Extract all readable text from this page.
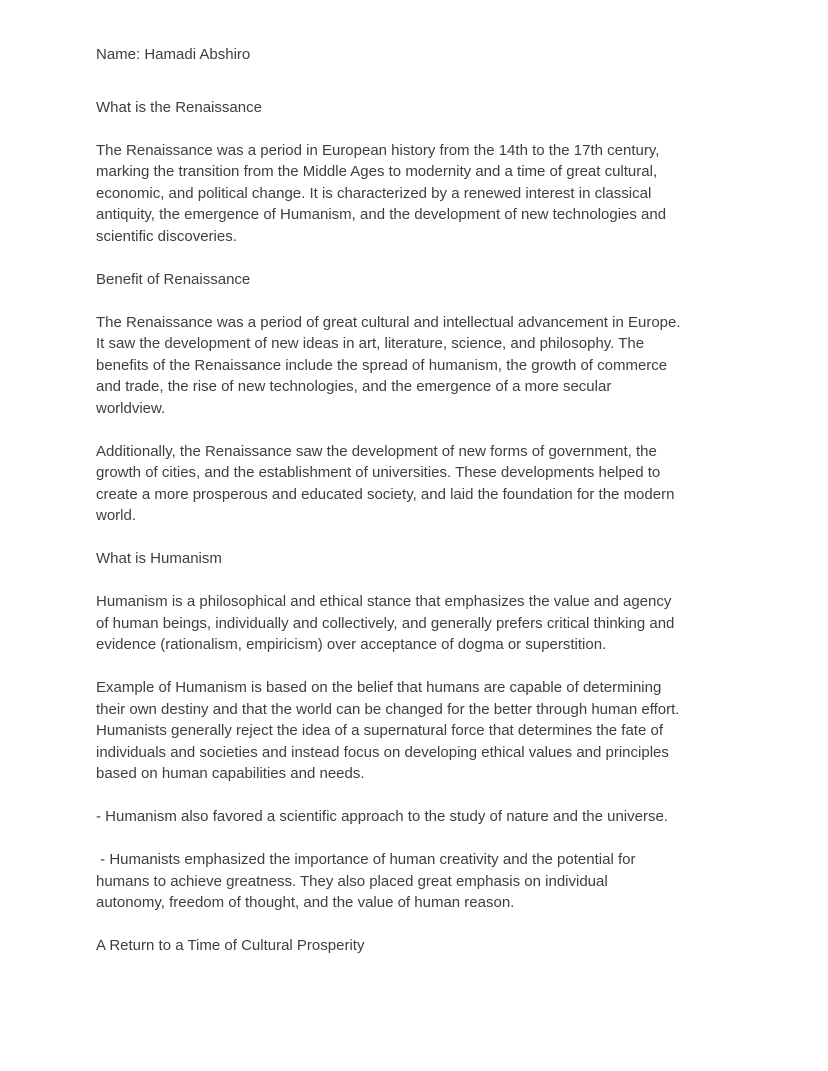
Name: Hamadi Abshiro
What is the Renaissance
The Renaissance was a period in European history from the 14th to the 17th century,
marking the transition from the Middle Ages to modernity and a time of great cultural,
economic, and political change. It is characterized by a renewed interest in classical
antiquity, the emergence of Humanism, and the development of new technologies and
scientific discoveries.
Benefit of Renaissance
The Renaissance was a period of great cultural and intellectual advancement in Europe.
It saw the development of new ideas in art, literature, science, and philosophy. The
benefits of the Renaissance include the spread of humanism, the growth of commerce
and trade, the rise of new technologies, and the emergence of a more secular
worldview.
Additionally, the Renaissance saw the development of new forms of government, the
growth of cities, and the establishment of universities. These developments helped to
create a more prosperous and educated society, and laid the foundation for the modern
world.
What is Humanism
Humanism is a philosophical and ethical stance that emphasizes the value and agency
of human beings, individually and collectively, and generally prefers critical thinking and
evidence (rationalism, empiricism) over acceptance of dogma or superstition.
Example of Humanism is based on the belief that humans are capable of determining
their own destiny and that the world can be changed for the better through human effort.
Humanists generally reject the idea of a supernatural force that determines the fate of
individuals and societies and instead focus on developing ethical values and principles
based on human capabilities and needs.
- Humanism also favored a scientific approach to the study of nature and the universe.
- Humanists emphasized the importance of human creativity and the potential for
humans to achieve greatness. They also placed great emphasis on individual
autonomy, freedom of thought, and the value of human reason.
A Return to a Time of Cultural Prosperity
